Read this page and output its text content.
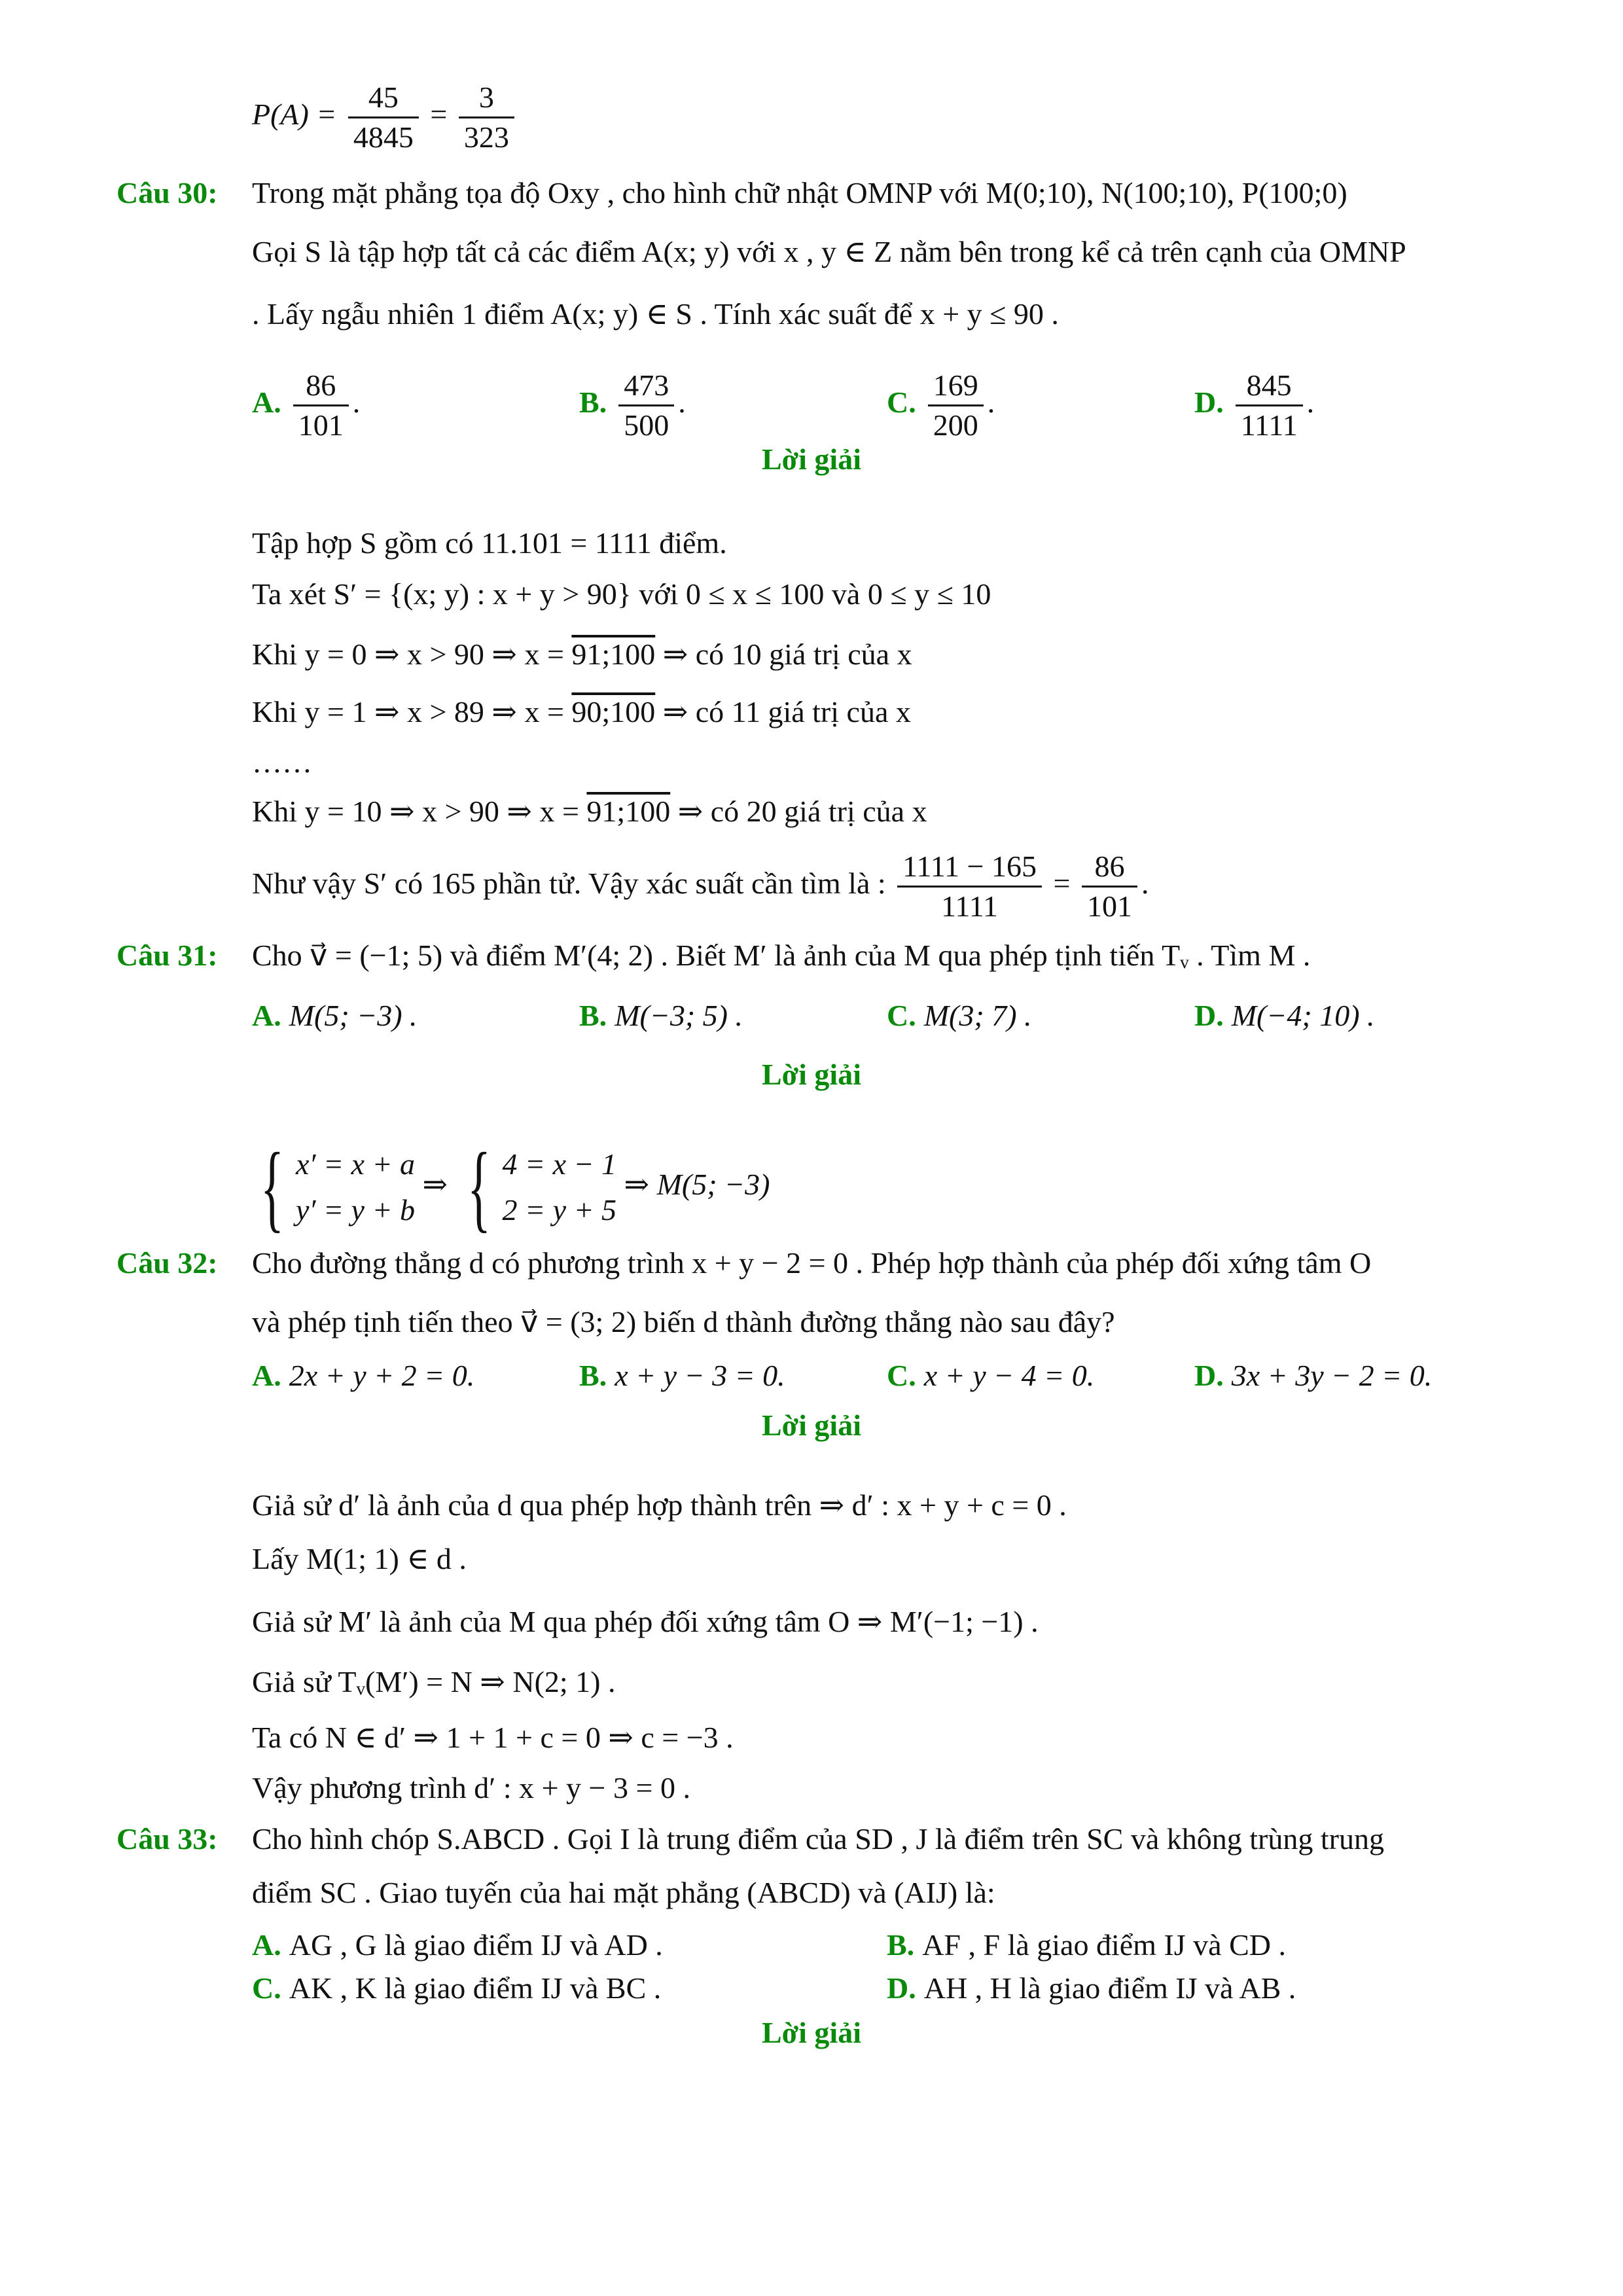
$P(A) = \frac{45}{4845} = \frac{3}{323}$
Câu 30: Trong mặt phẳng tọa độ Oxy , cho hình chữ nhật OMNP với M(0;10), N(100;10), P(100;0)
Gọi S là tập hợp tất cả các điểm A(x; y) với x , y ∈ Z nằm bên trong kể cả trên cạnh của OMNP
. Lấy ngẫu nhiên 1 điểm A(x; y) ∈ S . Tính xác suất để x + y ≤ 90 .
A. $\frac{86}{101}$ .	B. $\frac{473}{500}$ .	C. $\frac{169}{200}$ .	D. $\frac{845}{1111}$ .
Lời giải
Tập hợp S gồm có 11.101 = 1111 điểm.
Ta xét S′ = {(x; y) : x + y > 90} với 0 ≤ x ≤ 100 và 0 ≤ y ≤ 10
Khi y = 0 ⇒ x > 90 ⇒ x = 91;100 ⇒ có 10 giá trị của x
Khi y = 1 ⇒ x > 89 ⇒ x = 90;100 ⇒ có 11 giá trị của x
……
Khi y = 10 ⇒ x > 90 ⇒ x = 91;100 ⇒ có 20 giá trị của x
Như vậy S′ có 165 phần tử. Vậy xác suất cần tìm là : $\frac{1111 - 165}{1111} = \frac{86}{101}$ .
Câu 31: Cho v⃗ = (−1; 5) và điểm M′(4; 2) . Biết M′ là ảnh của M qua phép tịnh tiến Tᵥ . Tìm M .
A. M(5; −3) .	B. M(−3; 5) .	C. M(3; 7) .	D. M(−4; 10) .
Lời giải
{ x′ = x + a
y′ = y + b
⇒ { 4 = x − 1
2 = y + 5
⇒ M(5; −3)
Câu 32: Cho đường thẳng d có phương trình x + y − 2 = 0 . Phép hợp thành của phép đối xứng tâm O
và phép tịnh tiến theo v⃗ = (3; 2) biến d thành đường thẳng nào sau đây?
A. 2x + y + 2 = 0.	B. x + y − 3 = 0.	C. x + y − 4 = 0.	D. 3x + 3y − 2 = 0.
Lời giải
Giả sử d′ là ảnh của d qua phép hợp thành trên ⇒ d′ : x + y + c = 0 .
Lấy M(1; 1) ∈ d .
Giả sử M′ là ảnh của M qua phép đối xứng tâm O ⇒ M′(−1; −1) .
Giả sử Tᵥ(M′) = N ⇒ N(2; 1) .
Ta có N ∈ d′ ⇒ 1 + 1 + c = 0 ⇒ c = −3 .
Vậy phương trình d′ : x + y − 3 = 0 .
Câu 33: Cho hình chóp S.ABCD . Gọi I là trung điểm của SD , J là điểm trên SC và không trùng trung
điểm SC . Giao tuyến của hai mặt phẳng (ABCD) và (AIJ) là:
A. AG , G là giao điểm IJ và AD .	B. AF , F là giao điểm IJ và CD .
C. AK , K là giao điểm IJ và BC .	D. AH , H là giao điểm IJ và AB .
Lời giải
